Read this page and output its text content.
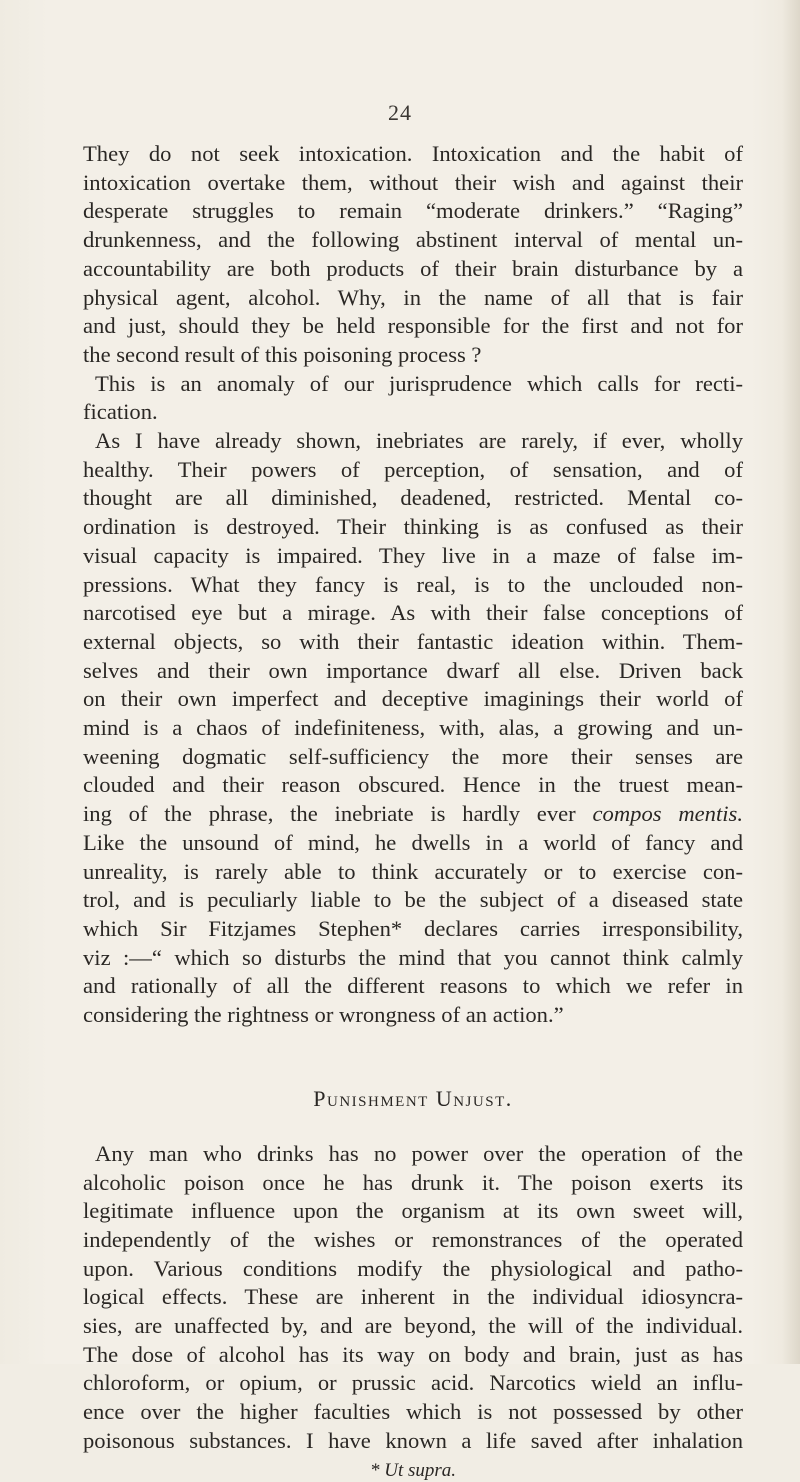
24

They do not seek intoxication. Intoxication and the habit of
intoxication overtake them, without their wish and against their
desperate struggles to remain “moderate drinkers.” “Raging”
drunkenness, and the following abstinent interval of mental un-
accountability are both products of their brain disturbance by a
physical agent, alcohol. Why, in the name of all that is fair
and just, should they be held responsible for the first and not for
the second result of this poisoning process ?

This is an anomaly of our jurisprudence which calls for recti-
fication.

As I have already shown, inebriates are rarely, if ever, wholly
healthy. Their powers of perception, of sensation, and of
thought are all diminished, deadened, restricted. Mental co-
ordination is destroyed. Their thinking is as confused as their
visual capacity is impaired. They live in a maze of false im-
pressions. What they fancy is real, is to the unclouded non-
narcotised eye but a mirage. As with their false conceptions of
external objects, so with their fantastic ideation within. Them-
selves and their own importance dwarf all else. Driven back
on their own imperfect and deceptive imaginings their world of
mind is a chaos of indefiniteness, with, alas, a growing and un-
weening dogmatic self-sufficiency the more their senses are
clouded and their reason obscured. Hence in the truest mean-
ing of the phrase, the inebriate is hardly ever compos mentis.
Like the unsound of mind, he dwells in a world of fancy and
unreality, is rarely able to think accurately or to exercise con-
trol, and is peculiarly liable to be the subject of a diseased state
which Sir Fitzjames Stephen* declares carries irresponsibility,
viz :—“ which so disturbs the mind that you cannot think calmly
and rationally of all the different reasons to which we refer in
considering the rightness or wrongness of an action.”

Punishment Unjust.

Any man who drinks has no power over the operation of the
alcoholic poison once he has drunk it. The poison exerts its
legitimate influence upon the organism at its own sweet will,
independently of the wishes or remonstrances of the operated
upon. Various conditions modify the physiological and patho-
logical effects. These are inherent in the individual idiosyncra-
sies, are unaffected by, and are beyond, the will of the individual.
The dose of alcohol has its way on body and brain, just as has
chloroform, or opium, or prussic acid. Narcotics wield an influ-
ence over the higher faculties which is not possessed by other
poisonous substances. I have known a life saved after inhalation

* Ut supra.
